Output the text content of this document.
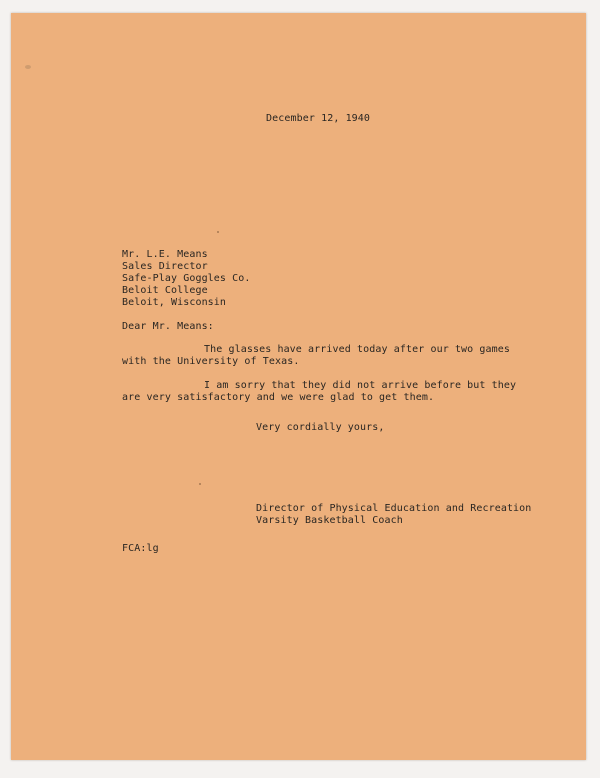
December 12, 1940
Mr. L.E. Means
Sales Director
Safe-Play Goggles Co.
Beloit College
Beloit, Wisconsin
Dear Mr. Means:
The glasses have arrived today after our two games
with the University of Texas.
I am sorry that they did not arrive before but they
are very satisfactory and we were glad to get them.
Very cordially yours,
Director of Physical Education and Recreation
Varsity Basketball Coach
FCA:lg
